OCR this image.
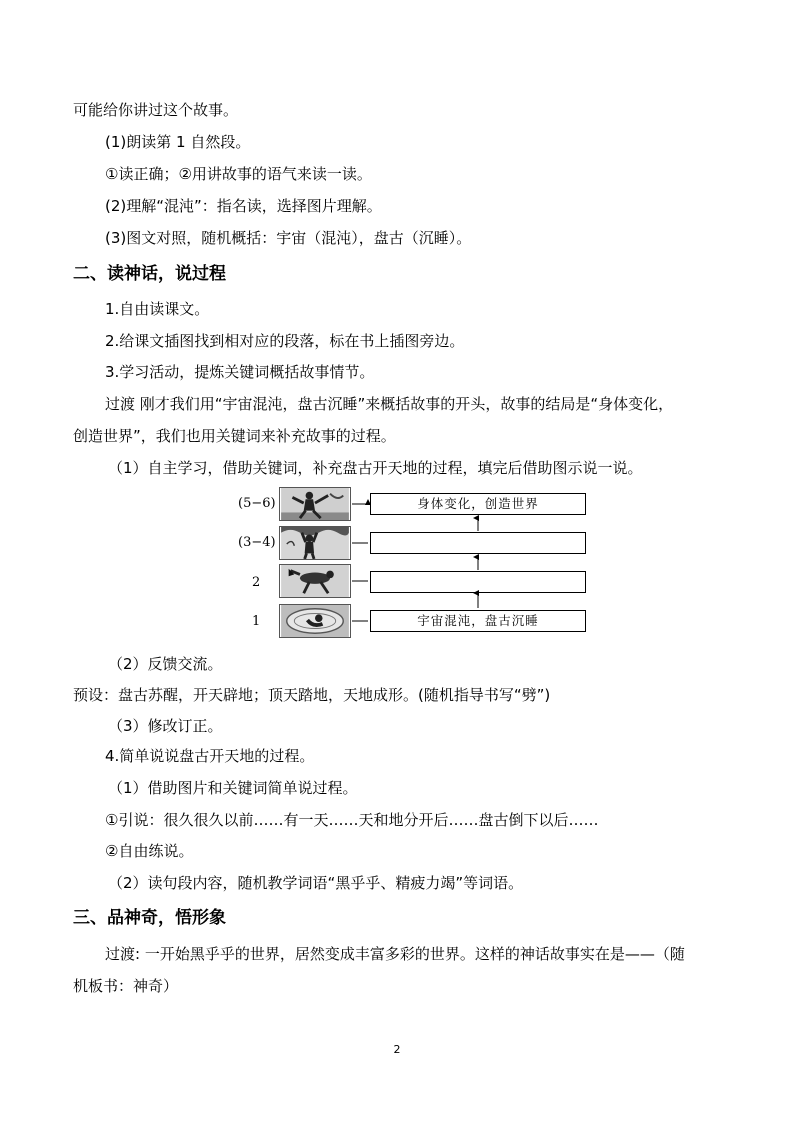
可能给你讲过这个故事。
(1)朗读第 1 自然段。
①读正确；②用讲故事的语气来读一读。
(2)理解“混沌”：指名读，选择图片理解。
(3)图文对照，随机概括：宇宙（混沌），盘古（沉睡）。
二、读神话，说过程
1.自由读课文。
2.给课文插图找到相对应的段落，标在书上插图旁边。
3.学习活动，提炼关键词概括故事情节。
过渡 刚才我们用“宇宙混沌，盘古沉睡”来概括故事的开头，故事的结局是“身体变化，
创造世界”，我们也用关键词来补充故事的过程。
（1）自主学习，借助关键词，补充盘古开天地的过程，填完后借助图示说一说。
(5−6)	身体变化，创造世界
(3−4)
2
1	宇宙混沌，盘古沉睡
（2）反馈交流。
预设：盘古苏醒，开天辟地；顶天踏地，天地成形。(随机指导书写“劈”)
（3）修改订正。
4.简单说说盘古开天地的过程。
（1）借助图片和关键词简单说过程。
①引说：很久很久以前……有一天……天和地分开后……盘古倒下以后……
②自由练说。
（2）读句段内容，随机教学词语“黑乎乎、精疲力竭”等词语。
三、品神奇，悟形象
过渡: 一开始黑乎乎的世界，居然变成丰富多彩的世界。这样的神话故事实在是——（随
机板书：神奇）
2
